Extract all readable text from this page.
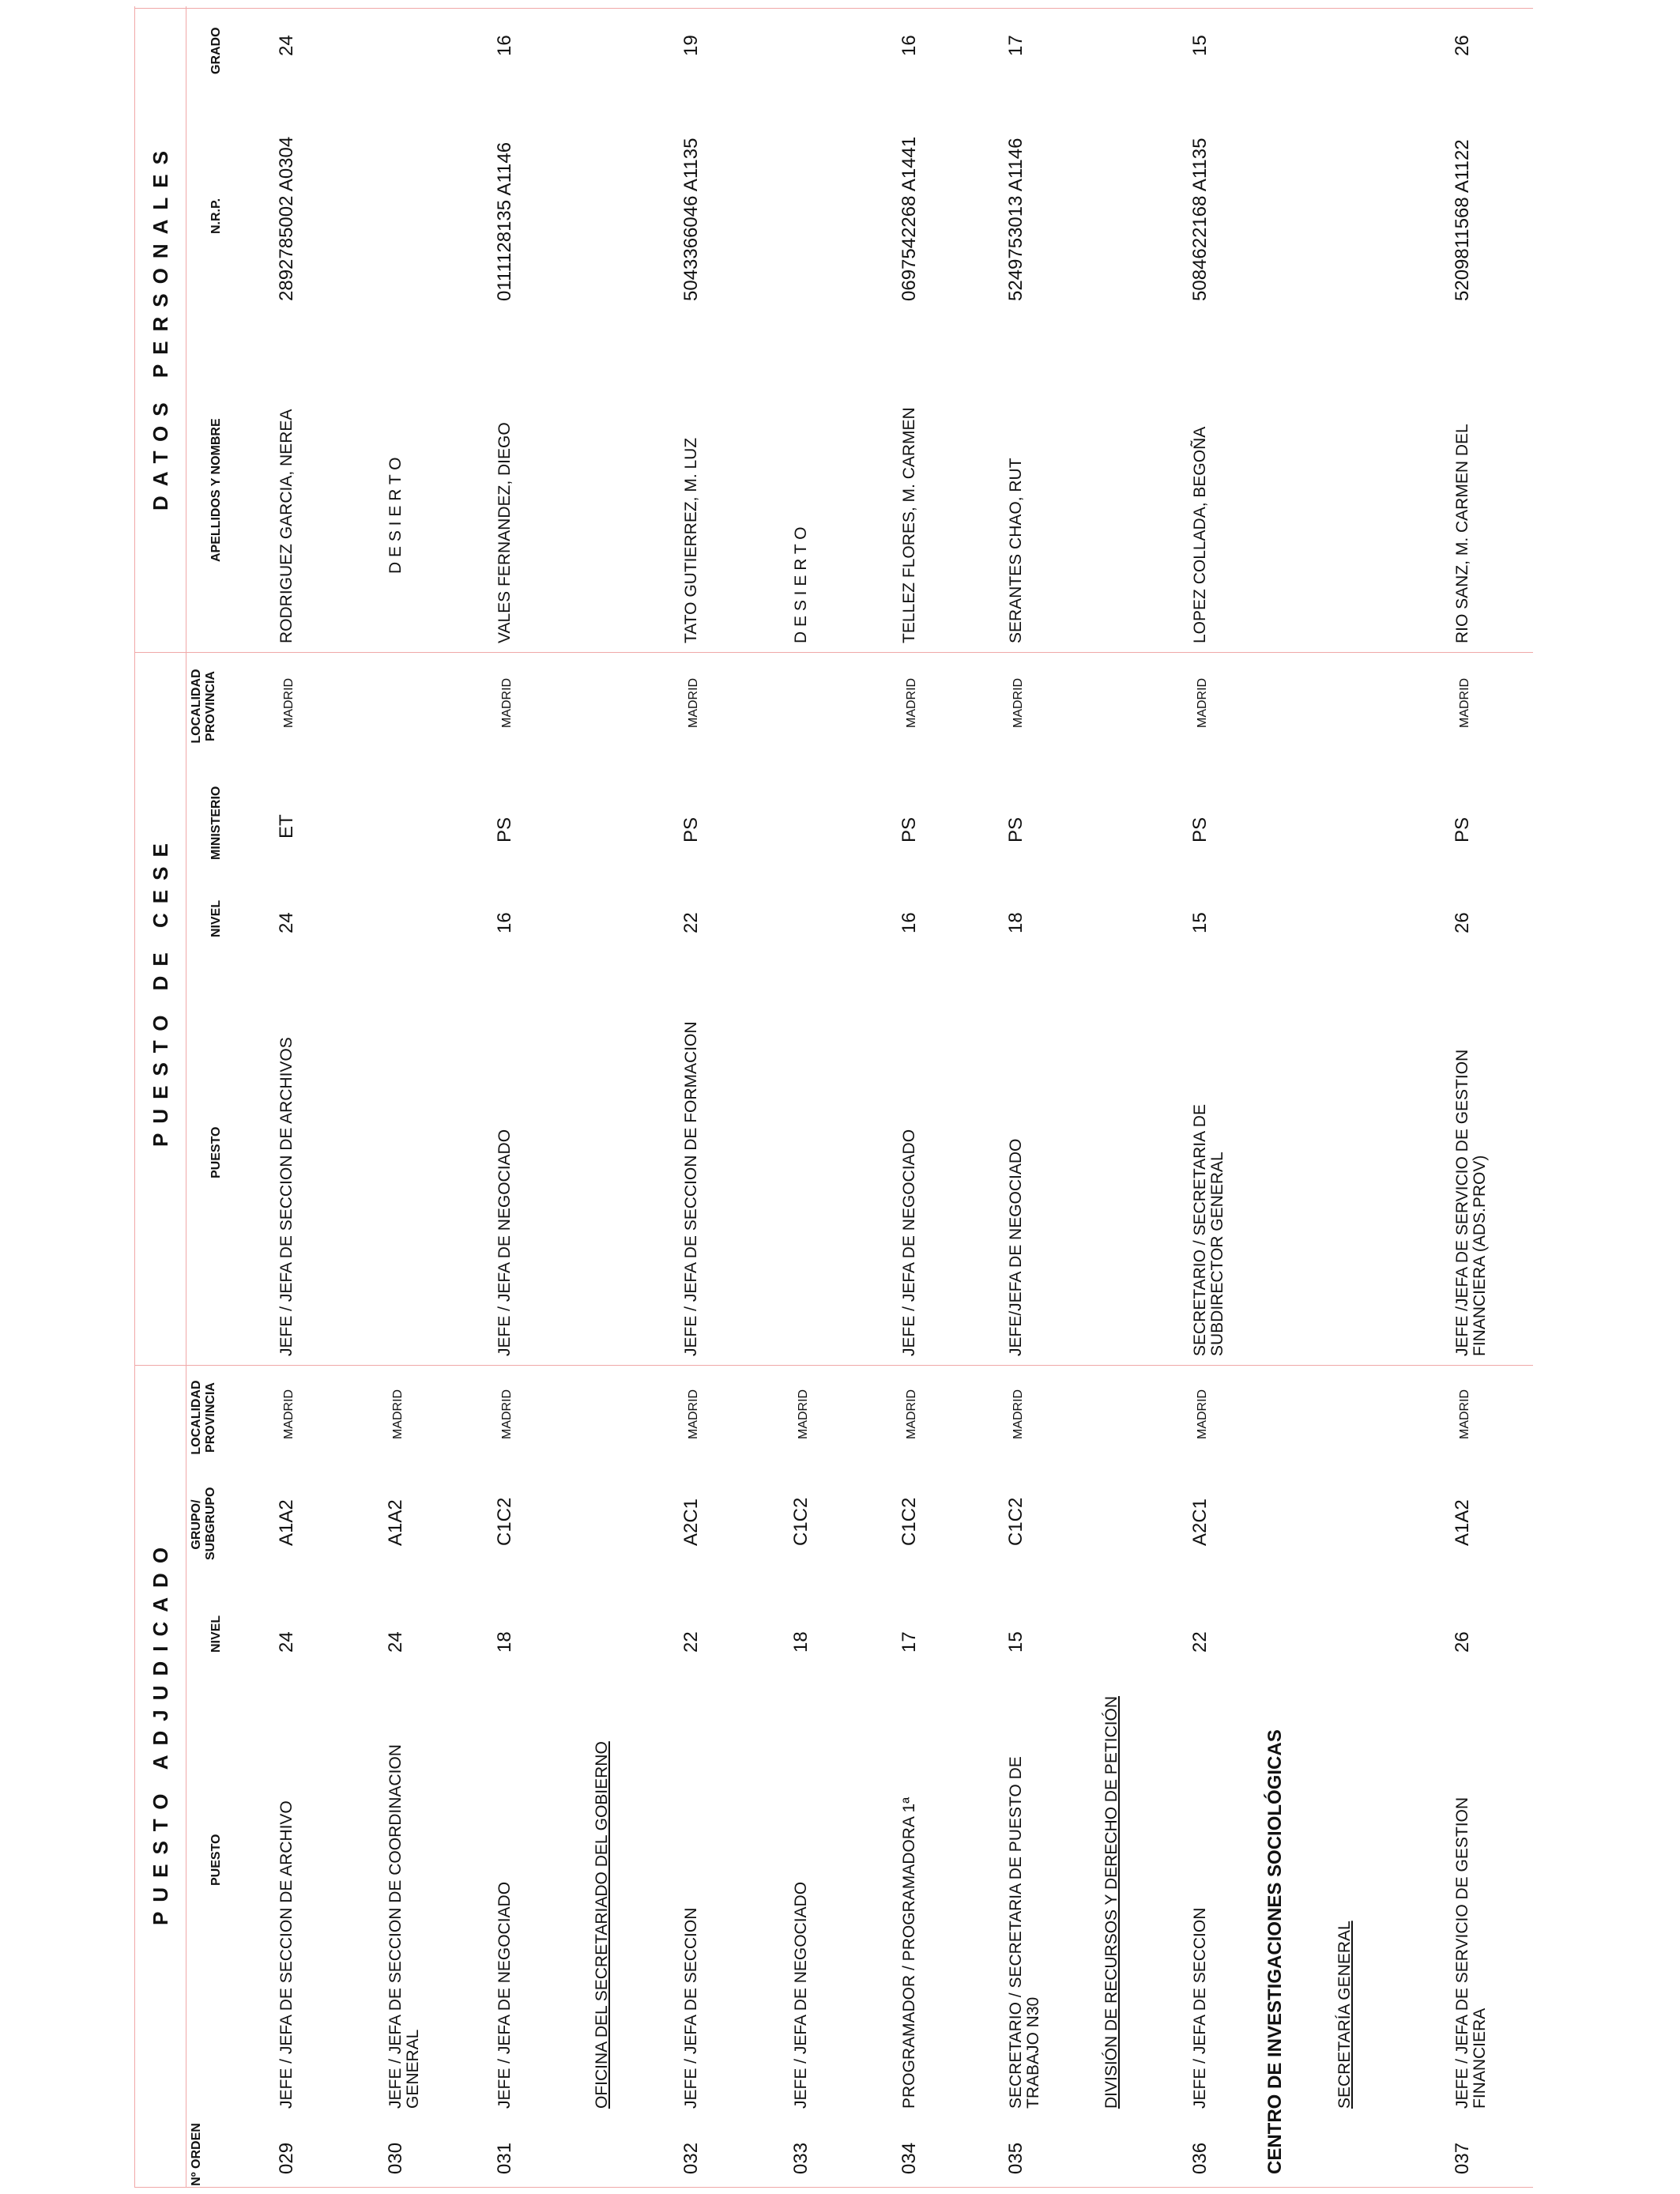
PUESTO ADJUDICADO
PUESTO DE CESE
DATOS PERSONALES
Nº ORDEN
PUESTO
NIVEL
GRUPO/ SUBGRUPO
LOCALIDAD PROVINCIA
PUESTO
NIVEL
MINISTERIO
LOCALIDAD PROVINCIA
APELLIDOS Y NOMBRE
N.R.P.
GRADO
029
JEFE / JEFA DE SECCION DE ARCHIVO
24
A1A2
MADRID
JEFE / JEFA DE SECCION DE ARCHIVOS
24
ET
MADRID
RODRIGUEZ GARCIA, NEREA
2892785002 A0304
24
030
JEFE / JEFA DE SECCION DE COORDINACION GENERAL
24
A1A2
MADRID
D E S I E R T O
031
JEFE / JEFA DE NEGOCIADO
18
C1C2
MADRID
JEFE / JEFA DE NEGOCIADO
16
PS
MADRID
VALES FERNANDEZ, DIEGO
0111128135 A1146
16
OFICINA DEL SECRETARIADO DEL GOBIERNO
032
JEFE / JEFA DE SECCION
22
A2C1
MADRID
JEFE / JEFA DE SECCION DE FORMACION
22
PS
MADRID
TATO GUTIERREZ, M. LUZ
5043366046 A1135
19
033
JEFE / JEFA DE NEGOCIADO
18
C1C2
MADRID
D E S I E R T O
034
PROGRAMADOR / PROGRAMADORA 1ª
17
C1C2
MADRID
JEFE / JEFA DE NEGOCIADO
16
PS
MADRID
TELLEZ FLORES, M. CARMEN
0697542268 A1441
16
035
SECRETARIO / SECRETARIA DE PUESTO DE TRABAJO N30
15
C1C2
MADRID
JEFE/JEFA DE NEGOCIADO
18
PS
MADRID
SERANTES CHAO, RUT
5249753013 A1146
17
DIVISIÓN DE RECURSOS Y DERECHO DE PETICIÓN
036
JEFE / JEFA DE SECCION
22
A2C1
MADRID
SECRETARIO / SECRETARIA DE SUBDIRECTOR GENERAL
15
PS
MADRID
LOPEZ COLLADA, BEGOÑA
5084622168 A1135
15
CENTRO DE INVESTIGACIONES SOCIOLÓGICAS	SECRETARÍA GENERAL
037
JEFE / JEFA DE SERVICIO DE GESTION FINANCIERA
26
A1A2
MADRID
JEFE /JEFA DE SERVICIO DE GESTION FINANCIERA (ADS.PROV)
26
PS
MADRID
RIO SANZ, M. CARMEN DEL
5209811568 A1122
26
